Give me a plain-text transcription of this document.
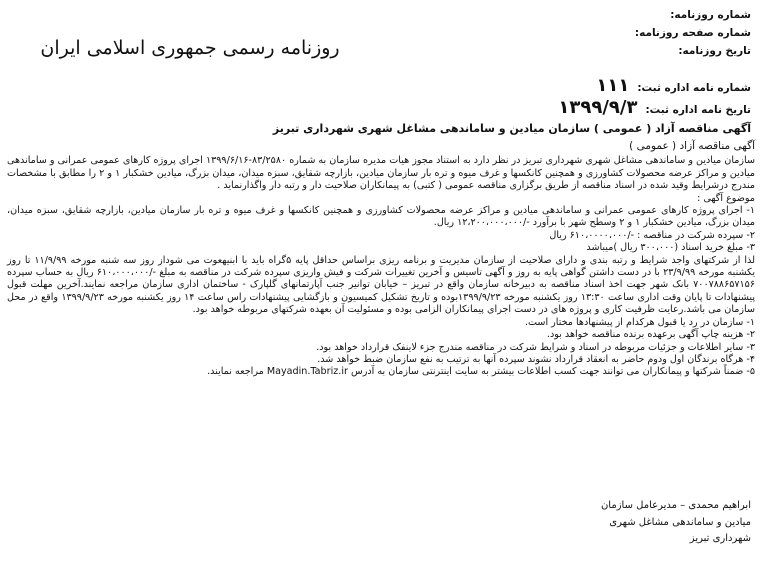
شماره روزنامه:
شماره صفحه روزنامه:
تاریخ روزنامه:
روزنامه رسمی جمهوری اسلامی ایران
شماره نامه اداره ثبت:
۱۱۱
تاریخ نامه اداره ثبت:
۱۳۹۹/۹/۳
آگهی مناقصه آزاد ( عمومی ) سازمان میادین و ساماندهی مشاغل شهری شهرداری تبریز

آگهی مناقصه آزاد ( عمومی )

سازمان میادین و ساماندهی مشاغل شهری شهرداری تبریز در نظر دارد به استناد مجوز هیات مدیره سازمان به شماره ۸۳/۲۵۸۰-۱۳۹۹/۶/۱۶ اجرای پروژه کارهای عمومی عمرانی و ساماندهی میادین و مراکز عرضه محصولات کشاورزی و همچنین کانکسها و غرف میوه و تره بار سازمان میادین، بازارچه شقایق، سبزه میدان، میدان بزرگ، میادین خشکبار ۱ و ۲ را مطابق با مشخصات مندرج درشرایط وقید شده در اسناد مناقصه از طریق برگزاری مناقصه عمومی ( کتبی) به پیمانکاران صلاحیت دار و رتبه دار واگذارنماید .

موضوع آگهی :

۱- اجرای پروژه کارهای عمومی عمرانی و ساماندهی میادین و مراکز عرضه محصولات کشاورزی و همچنین کانکسها و غرف میوه و تره بار سازمان میادین، بازارچه شقایق، سبزه میدان، میدان بزرگ، میادین خشکبار ۱ و ۲ وسطح شهر با برآورد -/۱۲،۲۰۰،۰۰۰،۰۰۰ ریال.

۲- سپرده شرکت در مناقصه : -/۶۱۰،۰۰۰۰،۰۰۰ ریال

۳- مبلغ خرید اسناد (۳۰۰،۰۰۰ ریال )میباشد

لذا از شرکتهای واجد شرایط و رتبه بندی و دارای صلاحیت از سازمان مدیریت و برنامه ریزی براساس حداقل پایه ۵گراه باید با ابنیهعوت می شوداز روز سه شنبه مورخه ۱۱/۹/۹۹ تا روز یکشنبه مورخه ۲۳/۹/۹۹ با در دست داشتن گواهی پایه به روز و آگهی تاسیس و آخرین تغییرات شرکت و فیش واریزی سپرده شرکت در مناقصه به مبلغ -/۶۱۰،۰۰۰،۰۰۰ ریال به حساب سپرده ۷۰۰۷۸۸۶۵۷۱۵۶ بانک شهر جهت اخذ اسناد مناقصه به دبیرخانه سازمان واقع در تبریز – خیابان توانیر جنب آپارتمانهای گلپارک - ساختمان اداری سازمان مراجعه نمایند.آخرین مهلت قبول پیشنهادات تا پایان وقت اداری ساعت ۱۳:۳۰ روز یکشنبه مورخه ۱۳۹۹/۹/۲۳بوده و تاریخ تشکیل کمیسیون و بازگشایی پیشنهادات راس ساعت ۱۴ روز یکشنبه مورخه ۱۳۹۹/۹/۲۳ واقع در محل سازمان می باشد.رعایت ظرفیت کاری و پروژه های در دست اجرای پیمانکاران الزامی بوده و مسئولیت آن بعهده شرکتهای مربوطه خواهد بود.

۱- سازمان در رد یا قبول هرکدام از پیشنهادها مختار است.

۲- هزینه چاپ آگهی برعهده برنده مناقصه خواهد بود.

۳- سایر اطلاعات و جزئیات مربوطه در اسناد و شرایط شرکت در مناقصه مندرج جزء لاینفک قرارداد خواهد بود.

۴- هرگاه برندگان اول ودوم حاضر به انعقاد قرارداد نشوند سپرده آنها به ترتیب به نفع سازمان ضبط خواهد شد.

۵- ضمناً شرکتها و پیمانکاران می توانند جهت کسب اطلاعات بیشتر به سایت اینترنتی سازمان به آدرس Mayadin.Tabriz.ir مراجعه نمایند.

ابراهیم محمدی – مدیرعامل سازمان
میادین و ساماندهی مشاغل شهری
شهرداری تبریز
